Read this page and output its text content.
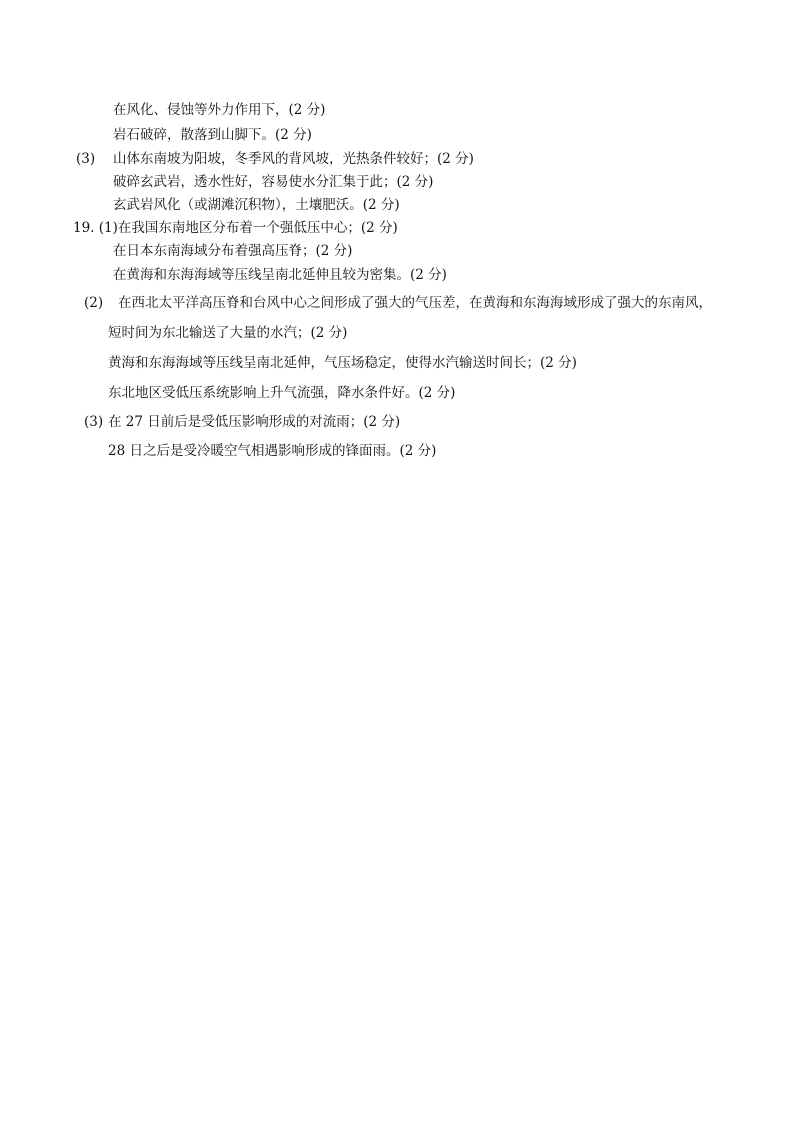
在风化、侵蚀等外力作用下，(2 分)
岩石破碎，散落到山脚下。(2 分)
(3) 山体东南坡为阳坡，冬季风的背风坡，光热条件较好；(2 分)
破碎玄武岩，透水性好，容易使水分汇集于此；(2 分)
玄武岩风化（或湖滩沉积物），土壤肥沃。(2 分)
19. (1)在我国东南地区分布着一个强低压中心；(2 分)
在日本东南海域分布着强高压脊；(2 分)
在黄海和东海海域等压线呈南北延伸且较为密集。(2 分)
(2) 在西北太平洋高压脊和台风中心之间形成了强大的气压差，在黄海和东海海域形成了强大的东南风，
短时间为东北输送了大量的水汽；(2 分)
黄海和东海海域等压线呈南北延伸，气压场稳定，使得水汽输送时间长；(2 分)
东北地区受低压系统影响上升气流强，降水条件好。(2 分)
(3) 在 27 日前后是受低压影响形成的对流雨；(2 分)
28 日之后是受冷暖空气相遇影响形成的锋面雨。(2 分)
